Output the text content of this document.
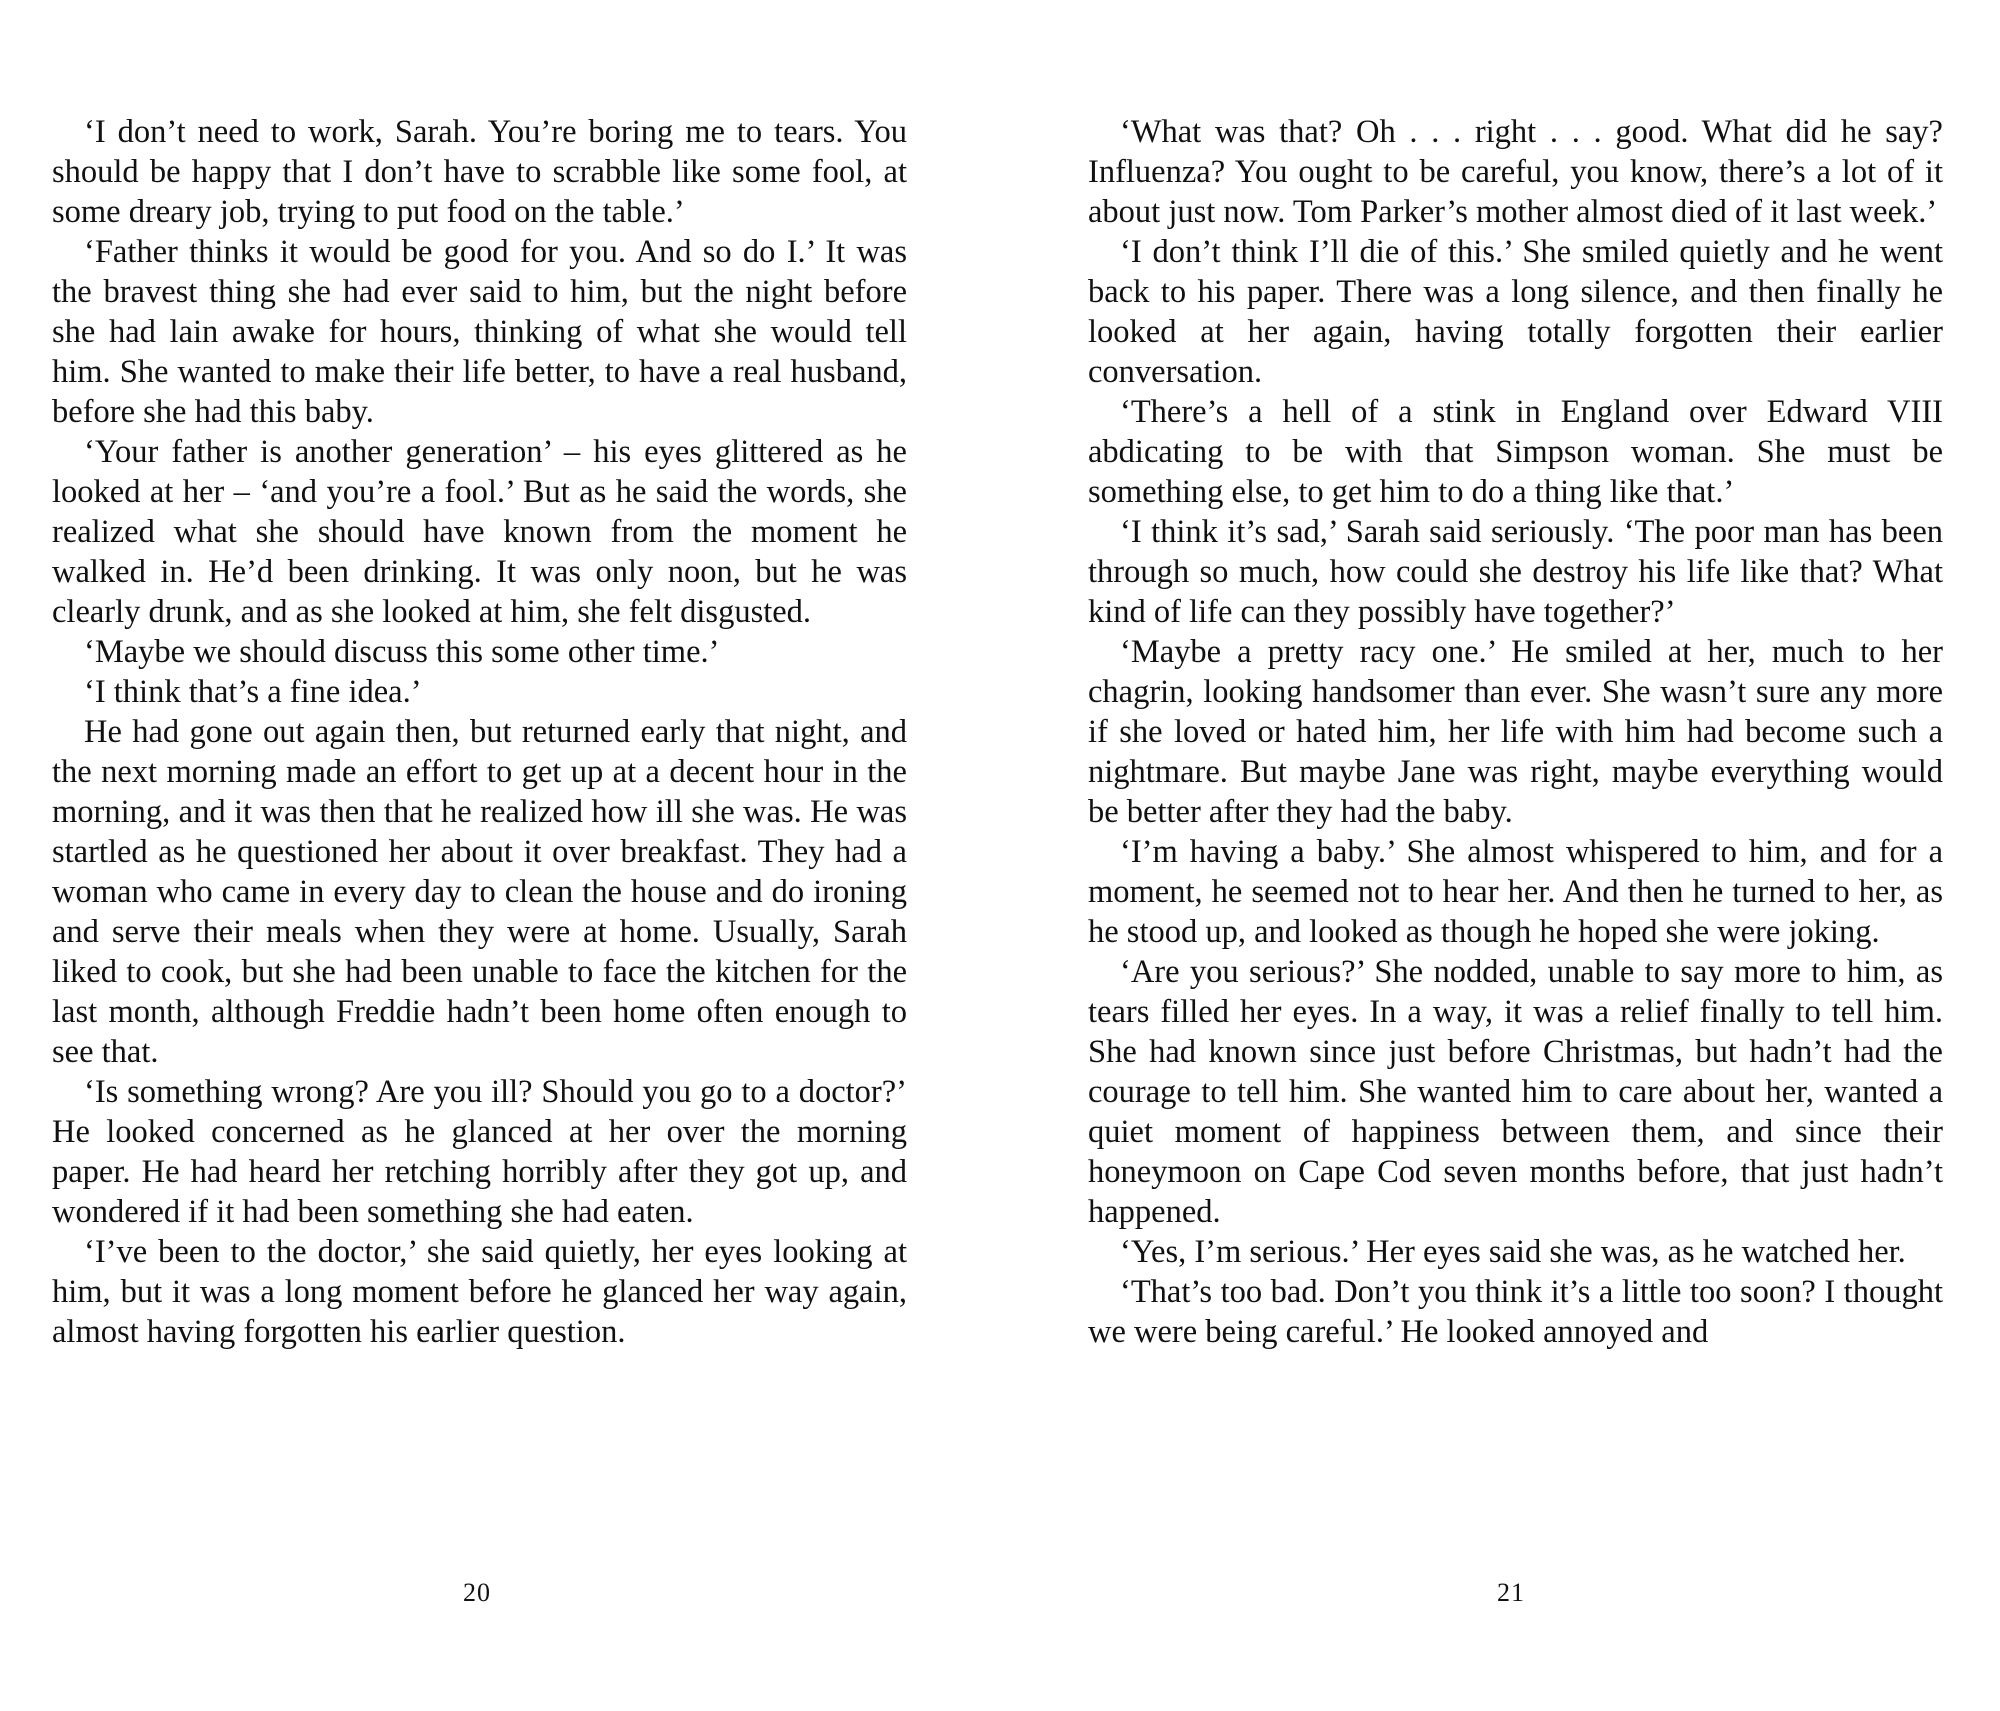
‘I don’t need to work, Sarah. You’re boring me to tears. You should be happy that I don’t have to scrabble like some fool, at some dreary job, trying to put food on the table.’

‘Father thinks it would be good for you. And so do I.’ It was the bravest thing she had ever said to him, but the night before she had lain awake for hours, thinking of what she would tell him. She wanted to make their life better, to have a real husband, before she had this baby.

‘Your father is another generation’ – his eyes glittered as he looked at her – ‘and you’re a fool.’ But as he said the words, she realized what she should have known from the moment he walked in. He’d been drinking. It was only noon, but he was clearly drunk, and as she looked at him, she felt disgusted.

‘Maybe we should discuss this some other time.’

‘I think that’s a fine idea.’

He had gone out again then, but returned early that night, and the next morning made an effort to get up at a decent hour in the morning, and it was then that he realized how ill she was. He was startled as he questioned her about it over breakfast. They had a woman who came in every day to clean the house and do ironing and serve their meals when they were at home. Usually, Sarah liked to cook, but she had been unable to face the kitchen for the last month, although Freddie hadn’t been home often enough to see that.

‘Is something wrong? Are you ill? Should you go to a doctor?’ He looked concerned as he glanced at her over the morning paper. He had heard her retching horribly after they got up, and wondered if it had been something she had eaten.

‘I’ve been to the doctor,’ she said quietly, her eyes looking at him, but it was a long moment before he glanced her way again, almost having forgotten his earlier question.

20

‘What was that? Oh . . . right . . . good. What did he say? Influenza? You ought to be careful, you know, there’s a lot of it about just now. Tom Parker’s mother almost died of it last week.’

‘I don’t think I’ll die of this.’ She smiled quietly and he went back to his paper. There was a long silence, and then finally he looked at her again, having totally forgotten their earlier conversation.

‘There’s a hell of a stink in England over Edward VIII abdicating to be with that Simpson woman. She must be something else, to get him to do a thing like that.’

‘I think it’s sad,’ Sarah said seriously. ‘The poor man has been through so much, how could she destroy his life like that? What kind of life can they possibly have together?’

‘Maybe a pretty racy one.’ He smiled at her, much to her chagrin, looking handsomer than ever. She wasn’t sure any more if she loved or hated him, her life with him had become such a nightmare. But maybe Jane was right, maybe everything would be better after they had the baby.

‘I’m having a baby.’ She almost whispered to him, and for a moment, he seemed not to hear her. And then he turned to her, as he stood up, and looked as though he hoped she were joking.

‘Are you serious?’ She nodded, unable to say more to him, as tears filled her eyes. In a way, it was a relief finally to tell him. She had known since just before Christmas, but hadn’t had the courage to tell him. She wanted him to care about her, wanted a quiet moment of happiness between them, and since their honeymoon on Cape Cod seven months before, that just hadn’t happened.

‘Yes, I’m serious.’ Her eyes said she was, as he watched her.

‘That’s too bad. Don’t you think it’s a little too soon? I thought we were being careful.’ He looked annoyed and

21
